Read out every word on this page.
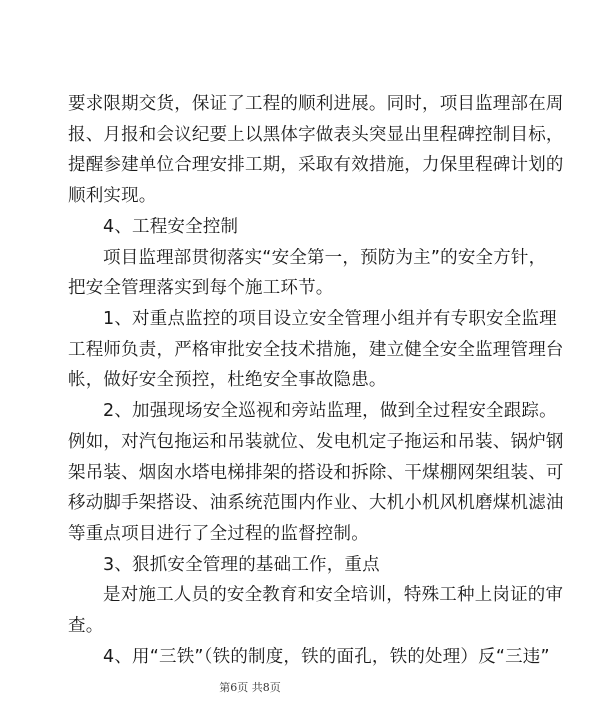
要求限期交货，保证了工程的顺利进展。同时，项目监理部在周
报、月报和会议纪要上以黑体字做表头突显出里程碑控制目标，
提醒参建单位合理安排工期，采取有效措施，力保里程碑计划的
顺利实现。
4、工程安全控制
项目监理部贯彻落实“安全第一，预防为主”的安全方针，
把安全管理落实到每个施工环节。
1、对重点监控的项目设立安全管理小组并有专职安全监理
工程师负责，严格审批安全技术措施，建立健全安全监理管理台
帐，做好安全预控，杜绝安全事故隐患。
2、加强现场安全巡视和旁站监理，做到全过程安全跟踪。
例如，对汽包拖运和吊装就位、发电机定子拖运和吊装、锅炉钢
架吊装、烟囱水塔电梯排架的搭设和拆除、干煤棚网架组装、可
移动脚手架搭设、油系统范围内作业、大机小机风机磨煤机滤油
等重点项目进行了全过程的监督控制。
3、狠抓安全管理的基础工作，重点
是对施工人员的安全教育和安全培训，特殊工种上岗证的审
查。
4、用“三铁”（铁的制度，铁的面孔，铁的处理）反“三违”
第6页 共8页
